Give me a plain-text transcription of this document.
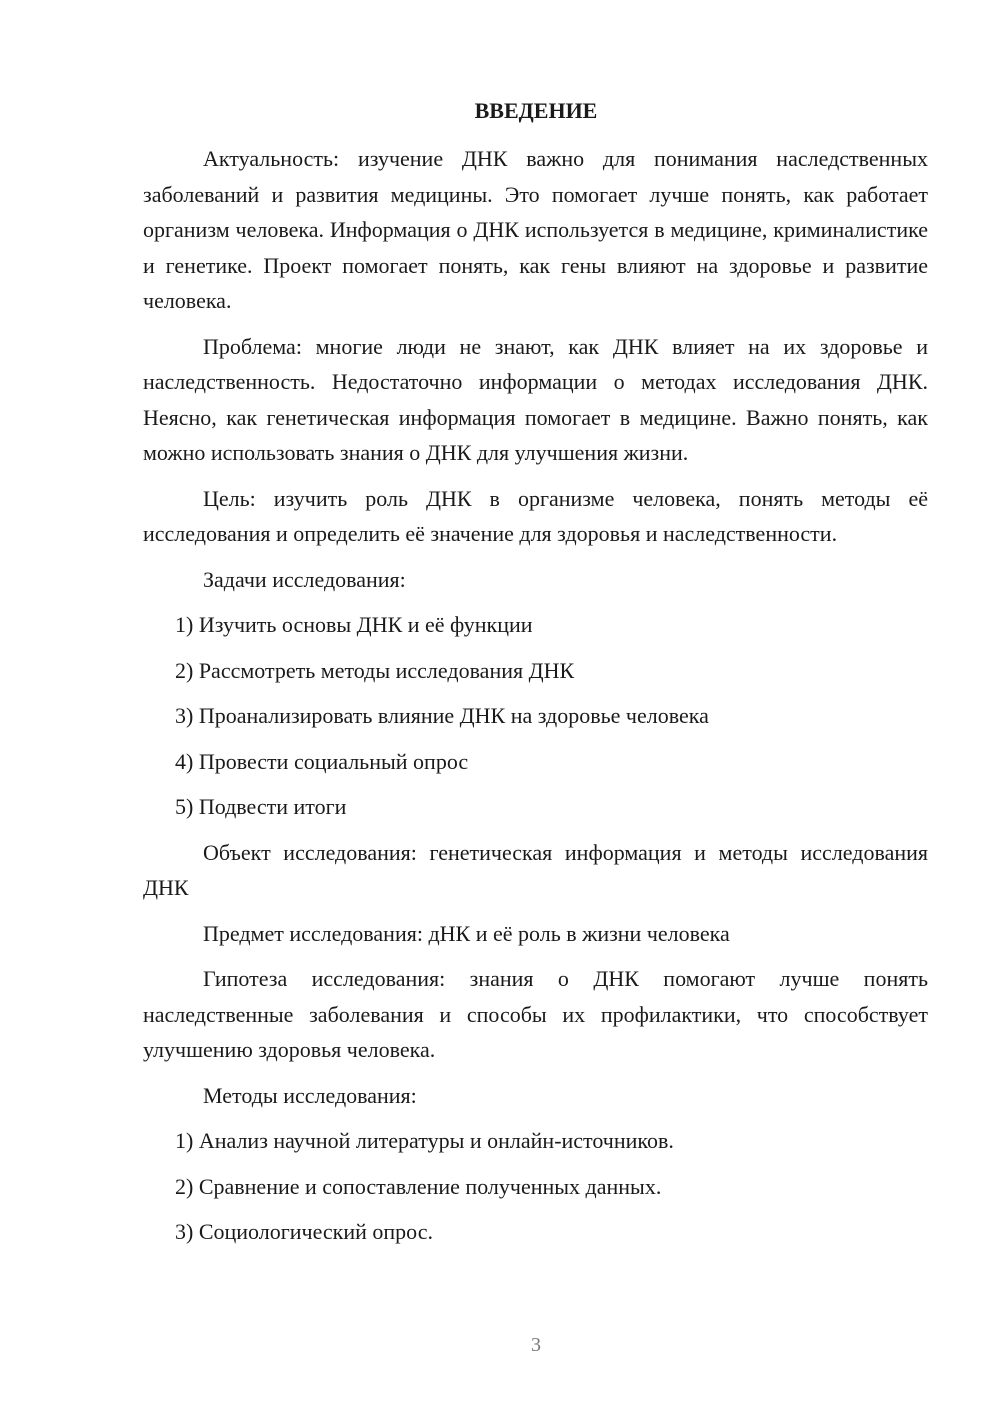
ВВЕДЕНИЕ

Актуальность: изучение ДНК важно для понимания наследственных заболеваний и развития медицины. Это помогает лучше понять, как работает организм человека. Информация о ДНК используется в медицине, криминалистике и генетике. Проект помогает понять, как гены влияют на здоровье и развитие человека.

Проблема: многие люди не знают, как ДНК влияет на их здоровье и наследственность. Недостаточно информации о методах исследования ДНК. Неясно, как генетическая информация помогает в медицине. Важно понять, как можно использовать знания о ДНК для улучшения жизни.

Цель: изучить роль ДНК в организме человека, понять методы её исследования и определить её значение для здоровья и наследственности.

Задачи исследования:

1) Изучить основы ДНК и её функции
2) Рассмотреть методы исследования ДНК
3) Проанализировать влияние ДНК на здоровье человека
4) Провести социальный опрос
5) Подвести итоги

Объект исследования: генетическая информация и методы исследования ДНК

Предмет исследования: дНК и её роль в жизни человека

Гипотеза исследования: знания о ДНК помогают лучше понять наследственные заболевания и способы их профилактики, что способствует улучшению здоровья человека.

Методы исследования:

1) Анализ научной литературы и онлайн-источников.
2) Сравнение и сопоставление полученных данных.
3) Социологический опрос.
3
